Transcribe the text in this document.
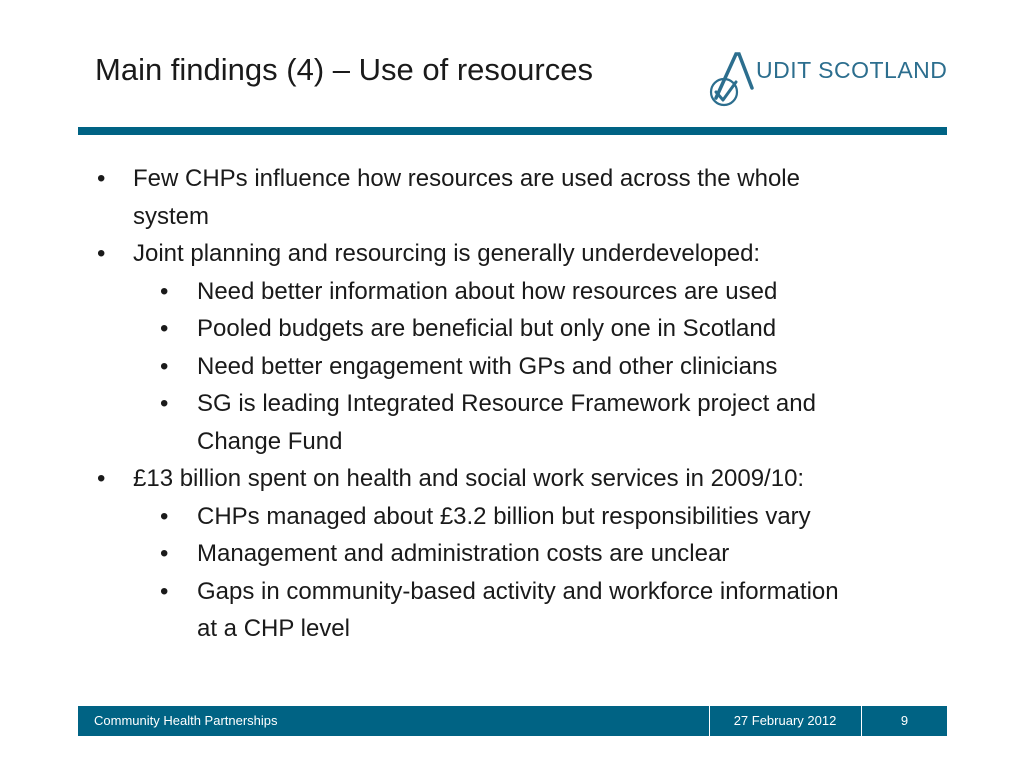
Main findings (4) – Use of resources	UDIT SCOTLAND
• Few CHPs influence how resources are used across the whole
system
• Joint planning and resourcing is generally underdeveloped:
• Need better information about how resources are used
• Pooled budgets are beneficial but only one in Scotland
• Need better engagement with GPs and other clinicians
• SG is leading Integrated Resource Framework project and
Change Fund
• £13 billion spent on health and social work services in 2009/10:
• CHPs managed about £3.2 billion but responsibilities vary
• Management and administration costs are unclear
• Gaps in community-based activity and workforce information
at a CHP level
Community Health Partnerships	27 February 2012	9
